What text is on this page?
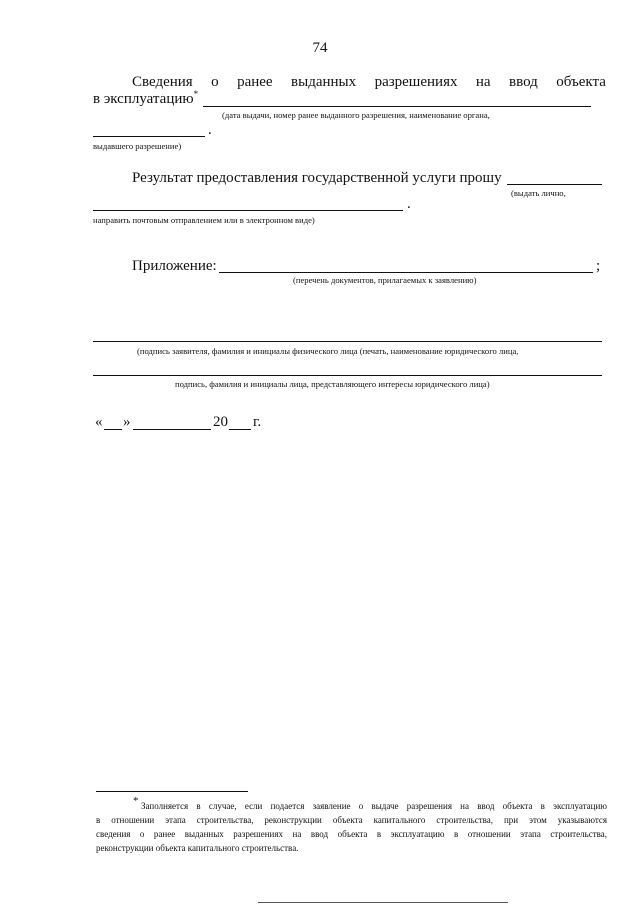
74
Сведения о ранее выданных разрешениях на ввод объекта
в эксплуатацию*
(дата выдачи, номер ранее выданного разрешения, наименование органа,
.
выдавшего разрешение)
Результат предоставления государственной услуги прошу
(выдать лично,
.
направить почтовым отправлением или в электронном виде)
Приложение:	;
(перечень документов, прилагаемых к заявлению)
(подпись заявителя, фамилия и инициалы физического лица (печать, наименование юридического лица,
подпись, фамилия и инициалы лица, представляющего интересы юридического лица)
« »	20 г.
* Заполняется в случае, если подается заявление о выдаче разрешения на ввод объекта в эксплуатацию
в отношении этапа строительства, реконструкции объекта капитального строительства, при этом указываются
сведения о ранее выданных разрешениях на ввод объекта в эксплуатацию в отношении этапа строительства,
реконструкции объекта капитального строительства.
